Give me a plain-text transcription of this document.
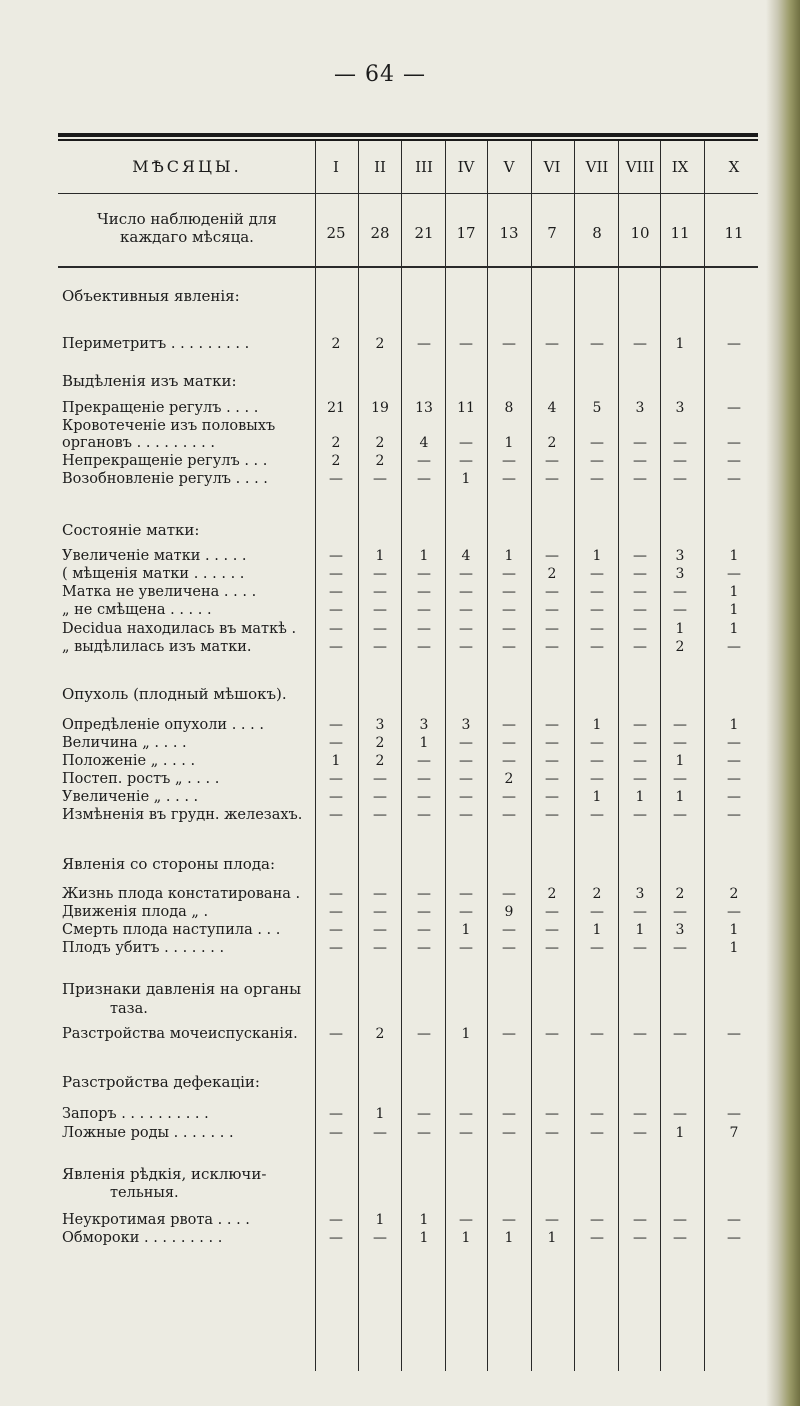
— 64 —
МѢСЯЦЫ.	I	II	III	IV	V	VI	VII	VIII	IX	X
Число наблюденій для каждаго мѣсяца.	25	28	21	17	13	7	8	10	11	11
Объективныя явленія:
Периметритъ . . . . . . . . .	2	2	—	—	—	—	—	—	1	—
Выдѣленія изъ матки:
Прекращеніе регулъ . . . .	21	19	13	11	8	4	5	3	3	—
Кровотеченіе изъ половыхъ
органовъ . . . . . . . . .	2	2	4	—	1	2	—	—	—	—
Непрекращеніе регулъ . . .	2	2	—	—	—	—	—	—	—	—
Возобновленіе регулъ . . . .	—	—	—	1	—	—	—	—	—	—
Состояніе матки:
Увеличеніе матки . . . . .	—	1	1	4	1	—	1	—	3	1
( мѣщенія матки . . . . . .	—	—	—	—	—	2	—	—	3	—
Матка не увеличена . . . .	—	—	—	—	—	—	—	—	—	1
„ не смѣщена . . . . .	—	—	—	—	—	—	—	—	—	1
Decidua находилась въ маткѣ .	—	—	—	—	—	—	—	—	1	1
„ выдѣлилась изъ матки.	—	—	—	—	—	—	—	—	2	—
Опухоль (плодный мѣшокъ).
Опредѣленіе опухоли . . . .	—	3	3	3	—	—	1	—	—	1
Величина „ . . . .	—	2	1	—	—	—	—	—	—	—
Положеніе „ . . . .	1	2	—	—	—	—	—	—	1	—
Постеп. ростъ „ . . . .	—	—	—	—	2	—	—	—	—	—
Увеличеніе „ . . . .	—	—	—	—	—	—	1	1	1	—
Измѣненія въ грудн. железахъ.	—	—	—	—	—	—	—	—	—	—
Явленія со стороны плода:
Жизнь плода констатирована .	—	—	—	—	—	2	2	3	2	2
Движенія плода „ .	—	—	—	—	9	—	—	—	—	—
Смерть плода наступила . . .	—	—	—	1	—	—	1	1	3	1
Плодъ убитъ . . . . . . .	—	—	—	—	—	—	—	—	—	1
Признаки давленія на органы
таза.
Разстройства мочеиспусканія.	—	2	—	1	—	—	—	—	—	—
Разстройства дефекаціи:
Запоръ . . . . . . . . . .	—	1	—	—	—	—	—	—	—	—
Ложные роды . . . . . . .	—	—	—	—	—	—	—	—	1	7
Явленія рѣдкія, исключи-
тельныя.
Неукротимая рвота . . . .	—	1	1	—	—	—	—	—	—	—
Обмороки . . . . . . . . .	—	—	1	1	1	1	—	—	—	—
